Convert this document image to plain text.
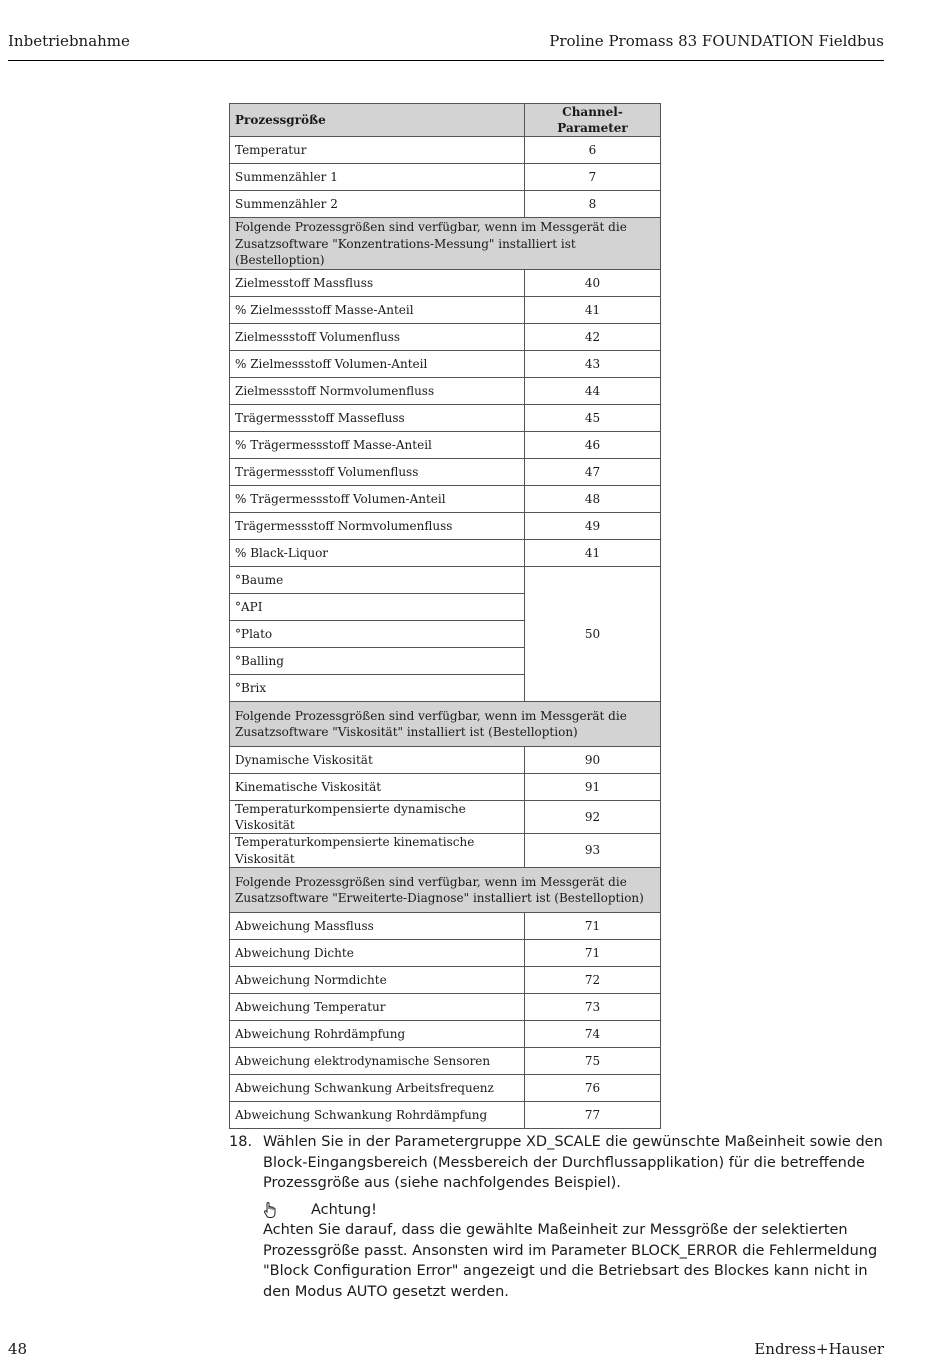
Inbetriebnahme	Proline Promass 83 FOUNDATION Fieldbus
Prozessgröße	Channel-Parameter
Temperatur	6
Summenzähler 1	7
Summenzähler 2	8
Folgende Prozessgrößen sind verfügbar, wenn im Messgerät die Zusatzsoftware "Konzentrations-Messung" installiert ist (Bestelloption)	
Zielmesstoff Massfluss	40
% Zielmessstoff Masse-Anteil	41
Zielmessstoff Volumenfluss	42
% Zielmessstoff Volumen-Anteil	43
Zielmessstoff Normvolumenfluss	44
Trägermessstoff Massefluss	45
% Trägermessstoff Masse-Anteil	46
Trägermessstoff Volumenfluss	47
% Trägermessstoff Volumen-Anteil	48
Trägermessstoff Normvolumenfluss	49
% Black-Liquor	41
°Baume	50
°API	
°Plato	
°Balling	
°Brix	
Folgende Prozessgrößen sind verfügbar, wenn im Messgerät die Zusatzsoftware "Viskosität" installiert ist (Bestelloption)	
Dynamische Viskosität	90
Kinematische Viskosität	91
Temperaturkompensierte dynamische Viskosität	92
Temperaturkompensierte kinematische Viskosität	93
Folgende Prozessgrößen sind verfügbar, wenn im Messgerät die Zusatzsoftware "Erweiterte-Diagnose" installiert ist (Bestelloption)	
Abweichung Massfluss	71
Abweichung Dichte	71
Abweichung Normdichte	72
Abweichung Temperatur	73
Abweichung Rohrdämpfung	74
Abweichung elektrodynamische Sensoren	75
Abweichung Schwankung Arbeitsfrequenz	76
Abweichung Schwankung Rohrdämpfung	77
18. Wählen Sie in der Parametergruppe XD_SCALE die gewünschte Maßeinheit sowie den Block-Eingangsbereich (Messbereich der Durchflussapplikation) für die betreffende Prozessgröße aus (siehe nachfolgendes Beispiel).
Achtung!
Achten Sie darauf, dass die gewählte Maßeinheit zur Messgröße der selektierten Prozessgröße passt. Ansonsten wird im Parameter BLOCK_ERROR die Fehlermeldung "Block Configuration Error" angezeigt und die Betriebsart des Blockes kann nicht in den Modus AUTO gesetzt werden.
48	Endress+Hauser
